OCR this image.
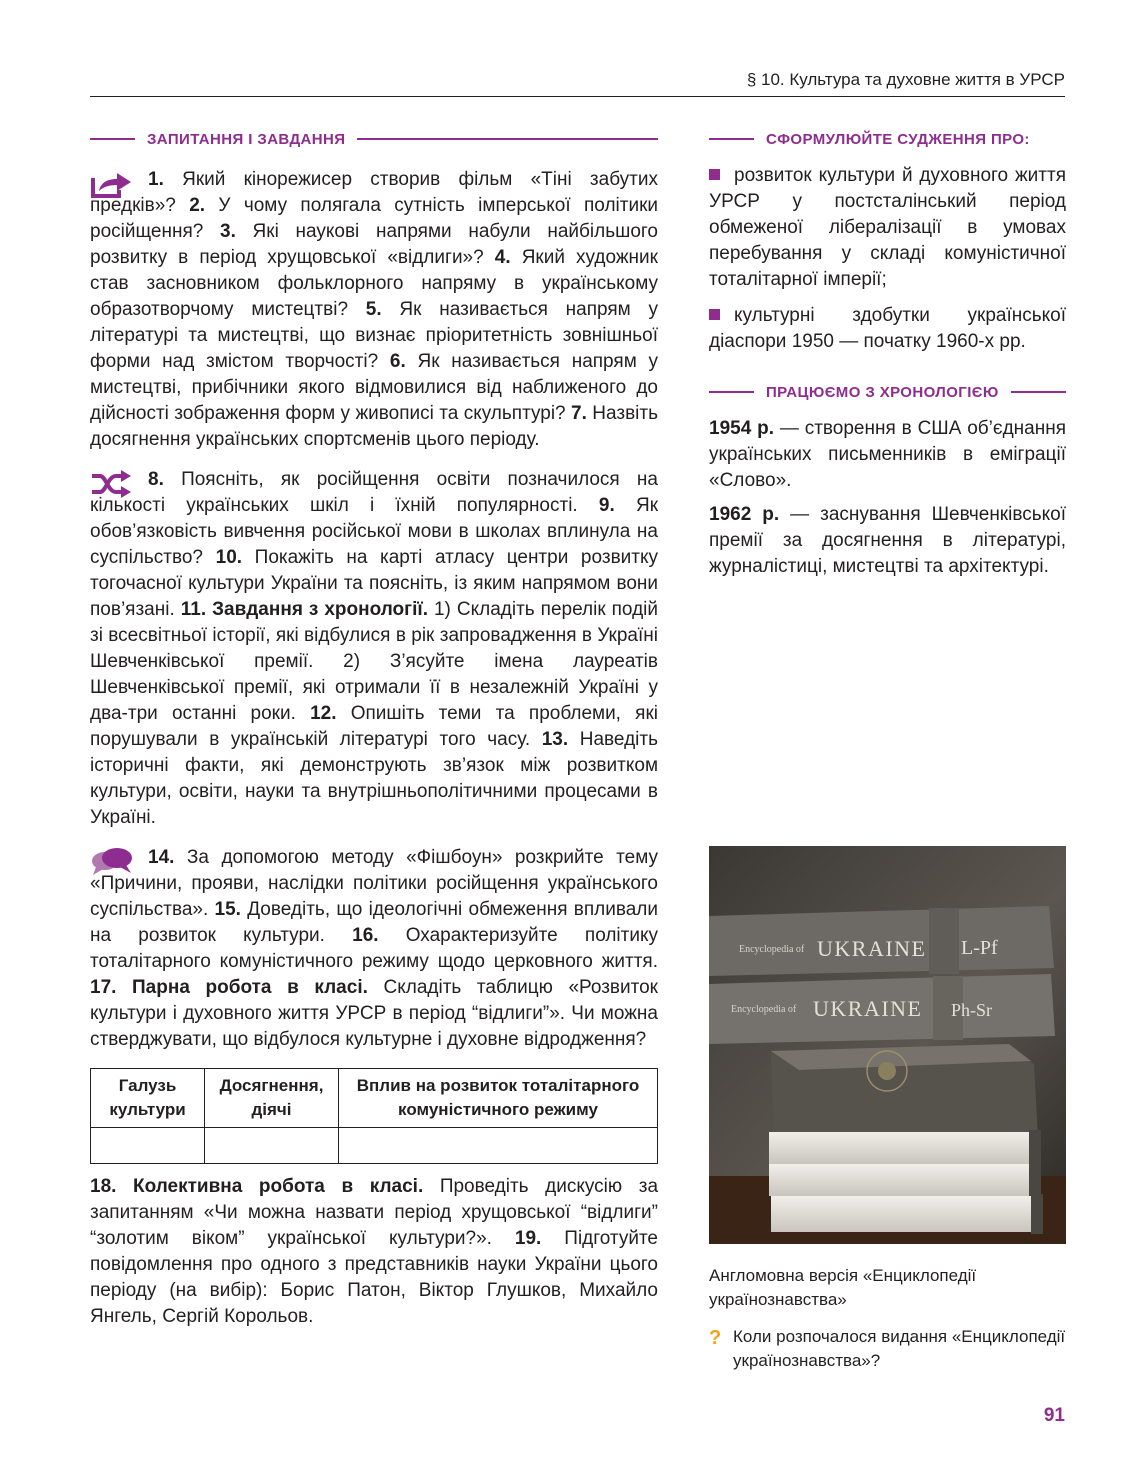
§ 10. Культура та духовне життя в УРСР
ЗАПИТАННЯ І ЗАВДАННЯ

1. Який кінорежисер створив фільм «Тіні забутих предків»? 2. У чому полягала сутність імперської політики російщення? 3. Які наукові напрями набули найбільшого розвитку в період хрущовської «відлиги»? 4. Який художник став засновником фольклорного напряму в українському образотворчому мистецтві? 5. Як називається напрям у літературі та мистецтві, що визнає пріоритетність зовнішньої форми над змістом творчості? 6. Як називається напрям у мистецтві, прибічники якого відмовилися від наближеного до дійсності зображення форм у живописі та скульптурі? 7. Назвіть досягнення українських спортсменів цього періоду.

8. Поясніть, як російщення освіти позначилося на кількості українських шкіл і їхній популярності. 9. Як обов’язковість вивчення російської мови в школах вплинула на суспільство? 10. Покажіть на карті атласу центри розвитку тогочасної культури України та поясніть, із яким напрямом вони пов’язані. 11. Завдання з хронології. 1) Складіть перелік подій зі всесвітньої історії, які відбулися в рік запровадження в Україні Шевченківської премії. 2) З’ясуйте імена лауреатів Шевченківської премії, які отримали її в незалежній Україні у два-три останні роки. 12. Опишіть теми та проблеми, які порушували в українській літературі того часу. 13. Наведіть історичні факти, які демонструють зв’язок між розвитком культури, освіти, науки та внутрішньополітичними процесами в Україні.

14. За допомогою методу «Фішбоун» розкрийте тему «Причини, прояви, наслідки політики російщення українського суспільства». 15. Доведіть, що ідеологічні обмеження впливали на розвиток культури. 16. Охарактеризуйте політику тоталітарного комуністичного режиму щодо церковного життя. 17. Парна робота в класі. Складіть таблицю «Розвиток культури і духовного життя УРСР в період “відлиги”». Чи можна стверджувати, що відбулося культурне і духовне відродження?

Галузь культури	Досягнення, діячі	Вплив на розвиток тоталітарного комуністичного режиму

18. Колективна робота в класі. Проведіть дискусію за запитанням «Чи можна назвати період хрущовської “відлиги” “золотим віком” української культури?». 19. Підготуйте повідомлення про одного з представників науки України цього періоду (на вибір): Борис Патон, Віктор Глушков, Михайло Янгель, Сергій Корольов.
СФОРМУЛЮЙТЕ СУДЖЕННЯ ПРО:
розвиток культури й духовного життя УРСР у постсталінський період обмеженої лібералізації в умовах перебування у складі комуністичної тоталітарної імперії;
культурні здобутки української діаспори 1950 — початку 1960-х рр.
ПРАЦЮЄМО З ХРОНОЛОГІЄЮ

1954 р. — створення в США об’єднання українських письменників в еміграції «Слово».

1962 р. — заснування Шевченківської премії за досягнення в літературі, журналістиці, мистецтві та архітектурі.

Encyclopedia of UKRAINE L-Pf
Encyclopedia of UKRAINE Ph-Sr
Англомовна версія «Енциклопедії українознавства»
? Коли розпочалося видання «Енциклопедії українознавства»?
91
